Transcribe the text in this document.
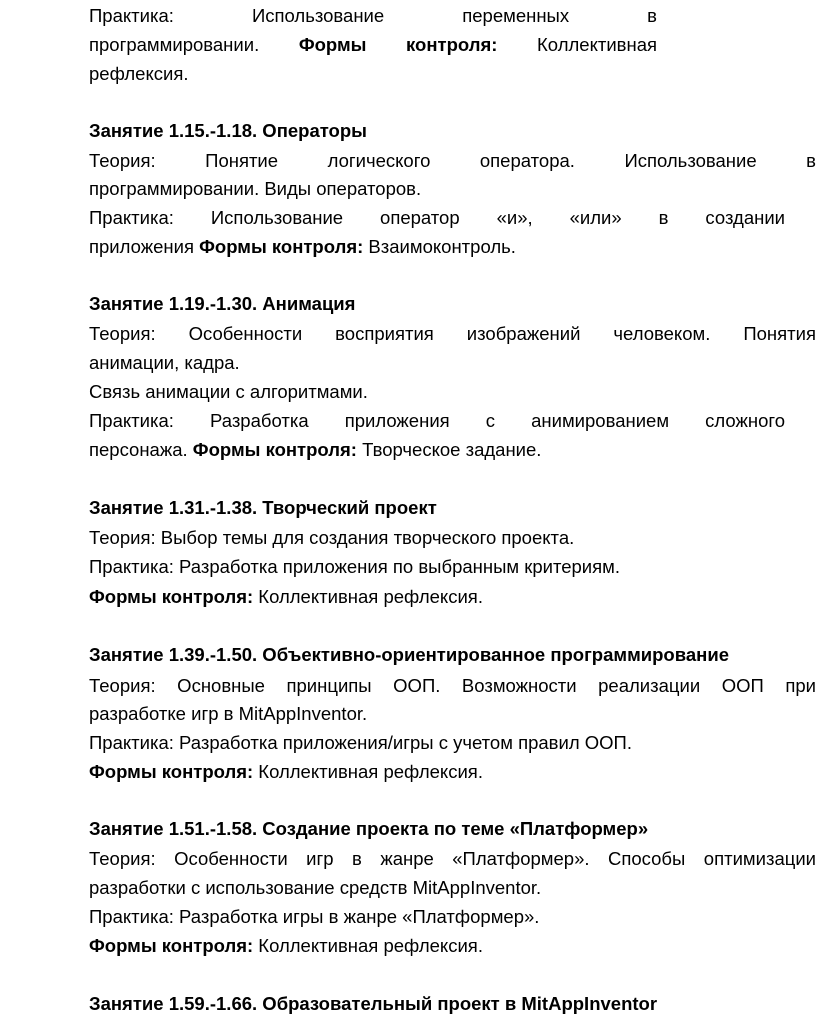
Практика: Использование переменных в
программировании. Формы контроля: Коллективная
рефлексия.
Занятие 1.15.-1.18. Операторы
Теория: Понятие логического оператора. Использование в
программировании. Виды операторов.
Практика: Использование оператор «и», «или» в создании
приложения Формы контроля: Взаимоконтроль.
Занятие 1.19.-1.30. Анимация
Теория: Особенности восприятия изображений человеком. Понятия
анимации, кадра.
Связь анимации с алгоритмами.
Практика: Разработка приложения с анимированием сложного
персонажа. Формы контроля: Творческое задание.
Занятие 1.31.-1.38. Творческий проект
Теория: Выбор темы для создания творческого проекта.
Практика: Разработка приложения по выбранным критериям.
Формы контроля: Коллективная рефлексия.
Занятие 1.39.-1.50. Объективно-ориентированное программирование
Теория: Основные принципы ООП. Возможности реализации ООП при
разработке игр в MitAppInventor.
Практика: Разработка приложения/игры с учетом правил ООП.
Формы контроля: Коллективная рефлексия.
Занятие 1.51.-1.58. Создание проекта по теме «Платформер»
Теория: Особенности игр в жанре «Платформер». Способы оптимизации
разработки с использование средств MitAppInventor.
Практика: Разработка игры в жанре «Платформер».
Формы контроля: Коллективная рефлексия.
Занятие 1.59.-1.66. Образовательный проект в MitAppInventor
